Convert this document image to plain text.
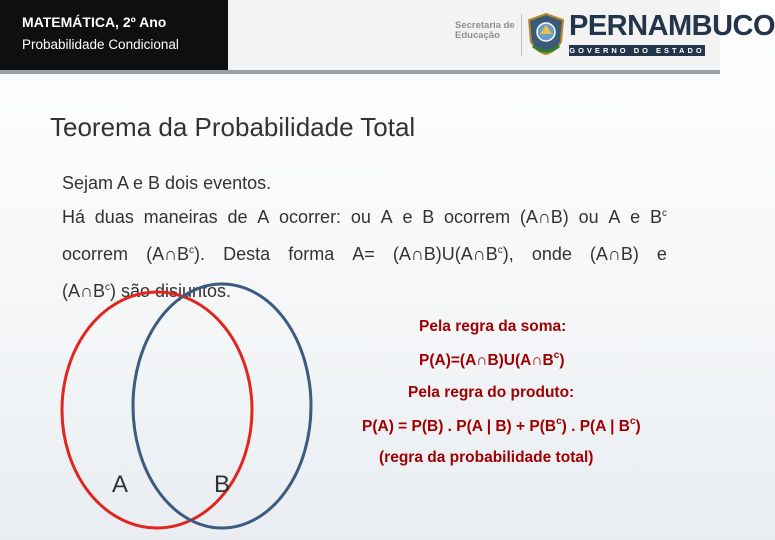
MATEMÁTICA, 2º Ano
Probabilidade Condicional
Secretaria de
Educação	PERNAMBUCO
GOVERNO DO ESTADO
Teorema da Probabilidade Total
Sejam A e B dois eventos.
Há duas maneiras de A ocorrer: ou A e B ocorrem (A∩B) ou A e $B^c$
ocorrem $(A\cap B^c)$. Desta forma $A= (A\cap B)U(A\cap B^c)$, onde (A∩B) e
$(A\cap B^c)$ são disjuntos.
A	B
Pela regra da soma:
$P(A)=(A\cap B)U(A\cap B^c)$
Pela regra do produto:
P(A) = P(B) . P(A | $B) + P(B^c)$ . P(A | $B^c$)
(regra da probabilidade total)
